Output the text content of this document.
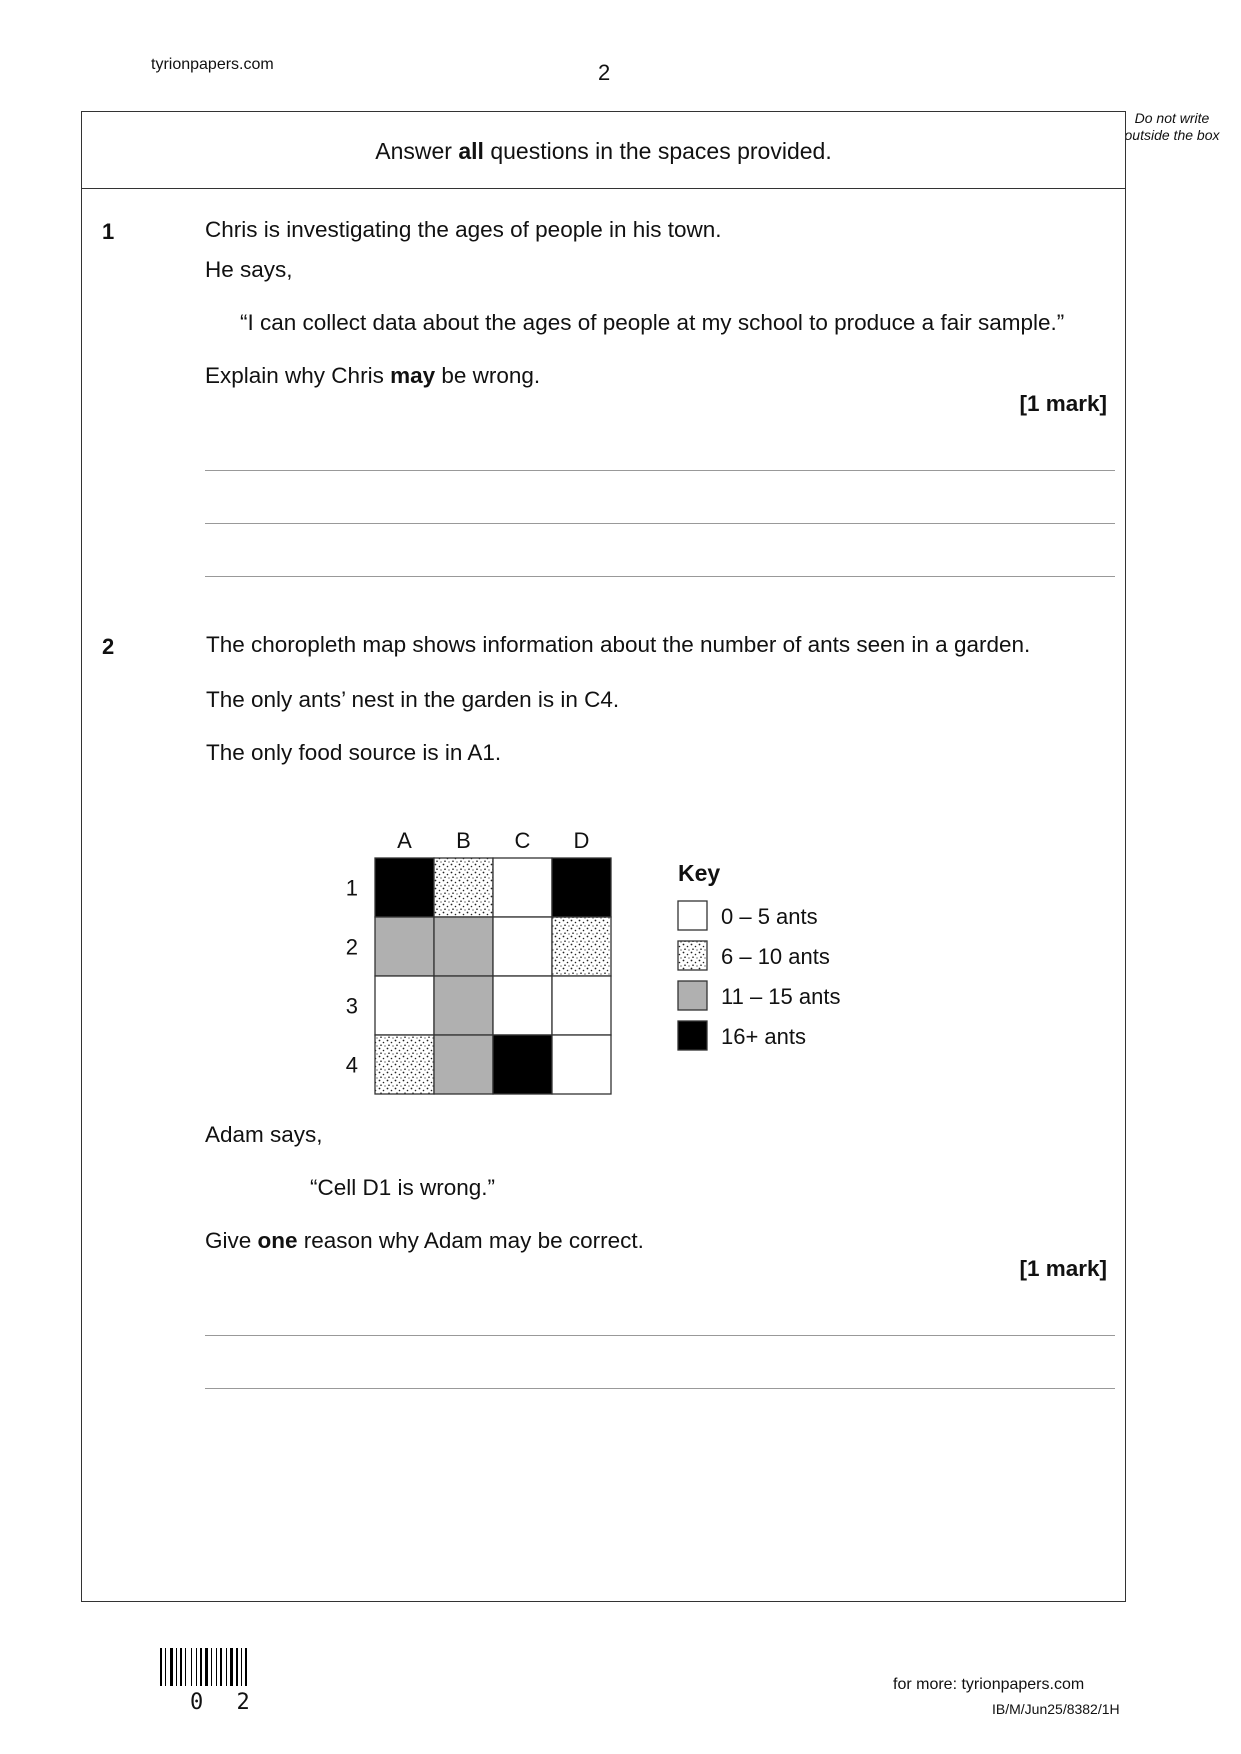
tyrionpapers.com	2
Do not write outside the box
Answer all questions in the spaces provided.
1	Chris is investigating the ages of people in his town.
He says,
“I can collect data about the ages of people at my school to produce a fair sample.”
Explain why Chris may be wrong.
[1 mark]
2	The choropleth map shows information about the number of ants seen in a garden.
The only ants’ nest in the garden is in C4.
The only food source is in A1.
A B C D
1
2
3
4
Key
0 – 5 ants
6 – 10 ants
11 – 15 ants
16+ ants
Adam says,
“Cell D1 is wrong.”
Give one reason why Adam may be correct.
[1 mark]
0 2
for more: tyrionpapers.com
IB/M/Jun25/8382/1H
